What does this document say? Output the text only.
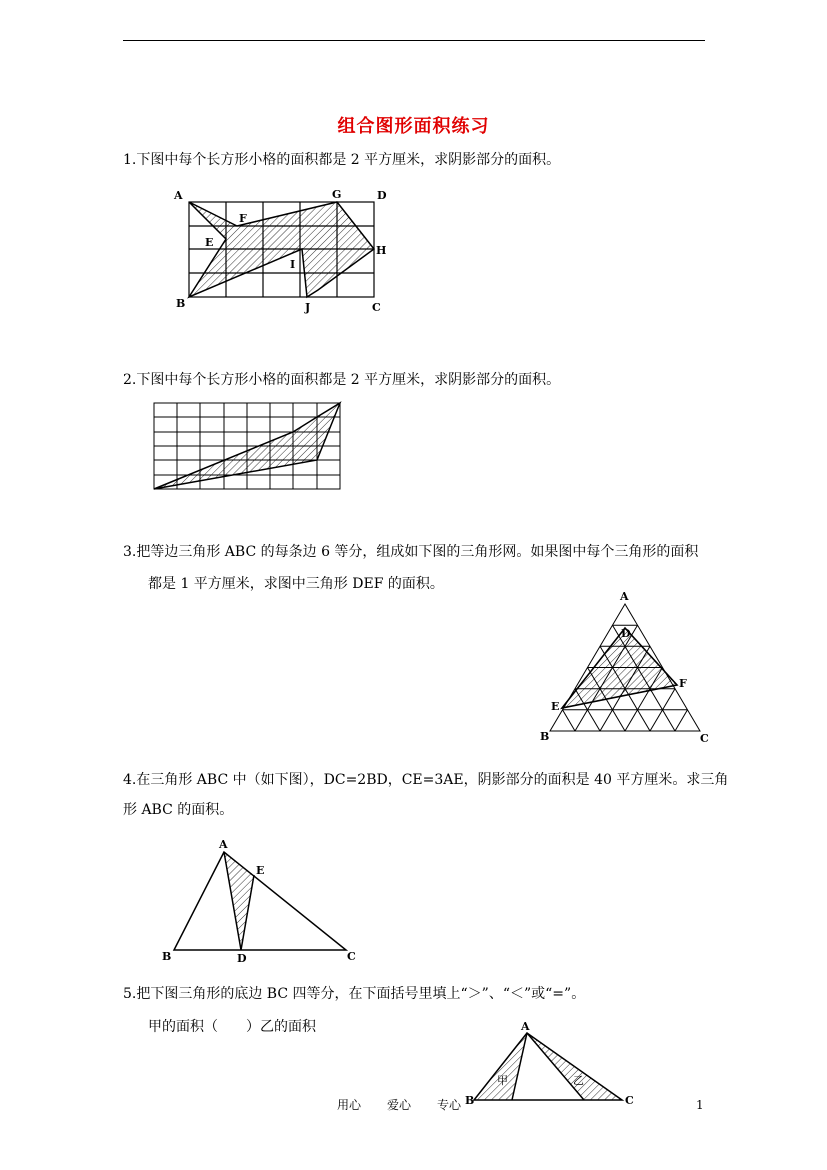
组合图形面积练习
1.下图中每个长方形小格的面积都是 2 平方厘米，求阴影部分的面积。
A	G	D
F
E
H
I
B	J	C
2.下图中每个长方形小格的面积都是 2 平方厘米，求阴影部分的面积。
3.把等边三角形 ABC 的每条边 6 等分，组成如下图的三角形网。如果图中每个三角形的面积
都是 1 平方厘米，求图中三角形 DEF 的面积。
A
D
F
E
B	C
4.在三角形 ABC 中（如下图），DC=2BD，CE=3AE，阴影部分的面积是 40 平方厘米。求三角
形 ABC 的面积。
A
E
B	D	C
5.把下图三角形的底边 BC 四等分，在下面括号里填上“＞”、“＜”或“=”。
甲的面积（　　）乙的面积	A
B	C
甲	乙
用心 爱心 专心	1
